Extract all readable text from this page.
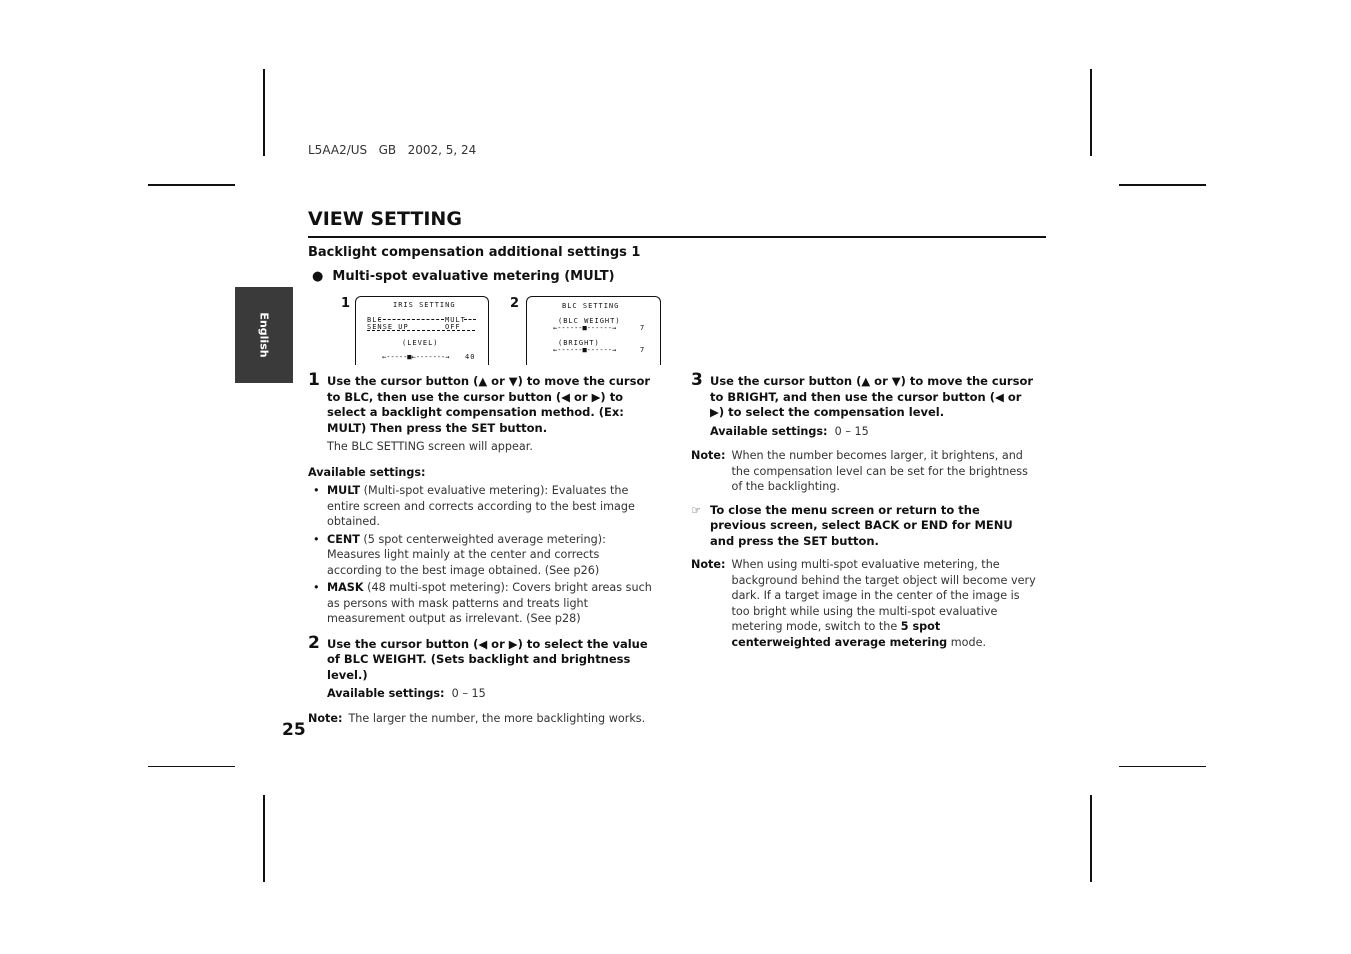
L5AA2/US   GB   2002, 5, 24
English
VIEW SETTING
Backlight compensation additional settings 1
● Multi-spot evaluative metering (MULT)
1	IRIS SETTING
BLC	MULT
SENSE UP	OFF
(LEVEL)
←-----■←-------→ 40
2	BLC SETTING
(BLC WEIGHT)
←------■------→	7
(BRIGHT)
←------■------→	7
1 Use the cursor button (▲ or ▼) to move the cursor to BLC, then use the cursor button (◀ or ▶) to select a backlight compensation method. (Ex: MULT) Then press the SET button.
The BLC SETTING screen will appear.
Available settings:
• MULT (Multi-spot evaluative metering): Evaluates the entire screen and corrects according to the best image obtained.
• CENT (5 spot centerweighted average metering): Measures light mainly at the center and corrects according to the best image obtained. (See p26)
• MASK (48 multi-spot metering): Covers bright areas such as persons with mask patterns and treats light measurement output as irrelevant. (See p28)
2 Use the cursor button (◀ or ▶) to select the value of BLC WEIGHT. (Sets backlight and brightness level.)
Available settings: 0 – 15
Note: The larger the number, the more backlighting works.
3 Use the cursor button (▲ or ▼) to move the cursor to BRIGHT, and then use the cursor button (◀ or ▶) to select the compensation level.
Available settings: 0 – 15
Note: When the number becomes larger, it brightens, and the compensation level can be set for the brightness of the backlighting.
☞ To close the menu screen or return to the previous screen, select BACK or END for MENU and press the SET button.
Note: When using multi-spot evaluative metering, the background behind the target object will become very dark. If a target image in the center of the image is too bright while using the multi-spot evaluative metering mode, switch to the 5 spot centerweighted average metering mode.
25
